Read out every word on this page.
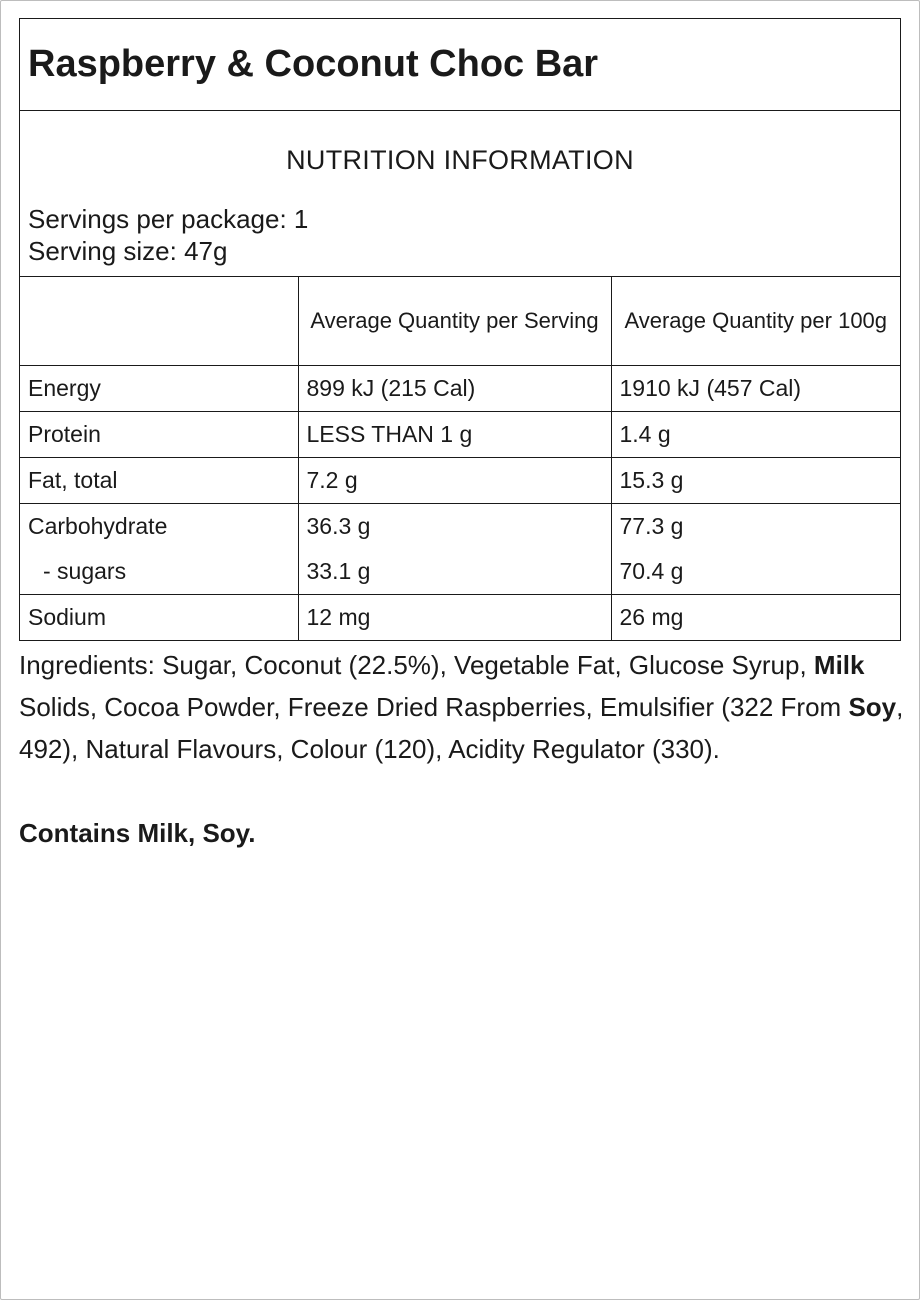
Raspberry & Coconut Choc Bar
NUTRITION INFORMATION
Servings per package: 1
Serving size: 47g
	Average Quantity per Serving	Average Quantity per 100g
Energy	899 kJ (215 Cal)	1910 kJ (457 Cal)
Protein	LESS THAN 1 g	1.4 g
Fat, total	7.2 g	15.3 g
Carbohydrate	36.3 g	77.3 g
- sugars	33.1 g	70.4 g
Sodium	12 mg	26 mg
Ingredients: Sugar, Coconut (22.5%), Vegetable Fat, Glucose Syrup, Milk Solids, Cocoa Powder, Freeze Dried Raspberries, Emulsifier (322 From Soy, 492), Natural Flavours, Colour (120), Acidity Regulator (330).
Contains Milk, Soy.
